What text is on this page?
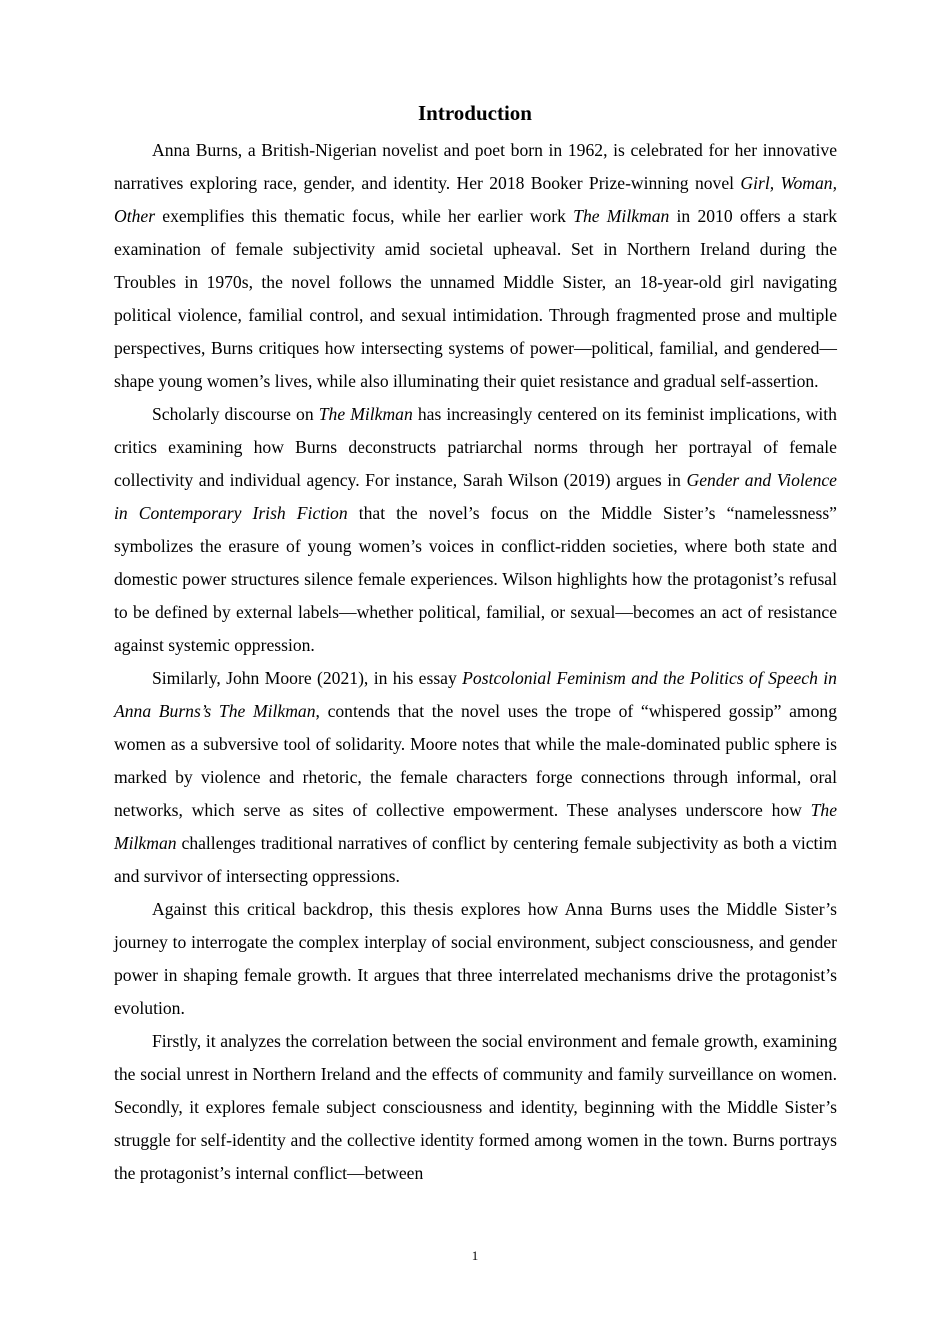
Introduction

Anna Burns, a British-Nigerian novelist and poet born in 1962, is celebrated for her innovative narratives exploring race, gender, and identity. Her 2018 Booker Prize-winning novel Girl, Woman, Other exemplifies this thematic focus, while her earlier work The Milkman in 2010 offers a stark examination of female subjectivity amid societal upheaval. Set in Northern Ireland during the Troubles in 1970s, the novel follows the unnamed Middle Sister, an 18-year-old girl navigating political violence, familial control, and sexual intimidation. Through fragmented prose and multiple perspectives, Burns critiques how intersecting systems of power—political, familial, and gendered—shape young women’s lives, while also illuminating their quiet resistance and gradual self-assertion.

Scholarly discourse on The Milkman has increasingly centered on its feminist implications, with critics examining how Burns deconstructs patriarchal norms through her portrayal of female collectivity and individual agency. For instance, Sarah Wilson (2019) argues in Gender and Violence in Contemporary Irish Fiction that the novel’s focus on the Middle Sister’s “namelessness” symbolizes the erasure of young women’s voices in conflict-ridden societies, where both state and domestic power structures silence female experiences. Wilson highlights how the protagonist’s refusal to be defined by external labels—whether political, familial, or sexual—becomes an act of resistance against systemic oppression.

Similarly, John Moore (2021), in his essay Postcolonial Feminism and the Politics of Speech in Anna Burns’s The Milkman, contends that the novel uses the trope of “whispered gossip” among women as a subversive tool of solidarity. Moore notes that while the male-dominated public sphere is marked by violence and rhetoric, the female characters forge connections through informal, oral networks, which serve as sites of collective empowerment. These analyses underscore how The Milkman challenges traditional narratives of conflict by centering female subjectivity as both a victim and survivor of intersecting oppressions.

Against this critical backdrop, this thesis explores how Anna Burns uses the Middle Sister’s journey to interrogate the complex interplay of social environment, subject consciousness, and gender power in shaping female growth. It argues that three interrelated mechanisms drive the protagonist’s evolution.

Firstly, it analyzes the correlation between the social environment and female growth, examining the social unrest in Northern Ireland and the effects of community and family surveillance on women. Secondly, it explores female subject consciousness and identity, beginning with the Middle Sister’s struggle for self-identity and the collective identity formed among women in the town. Burns portrays the protagonist’s internal conflict—between

1
